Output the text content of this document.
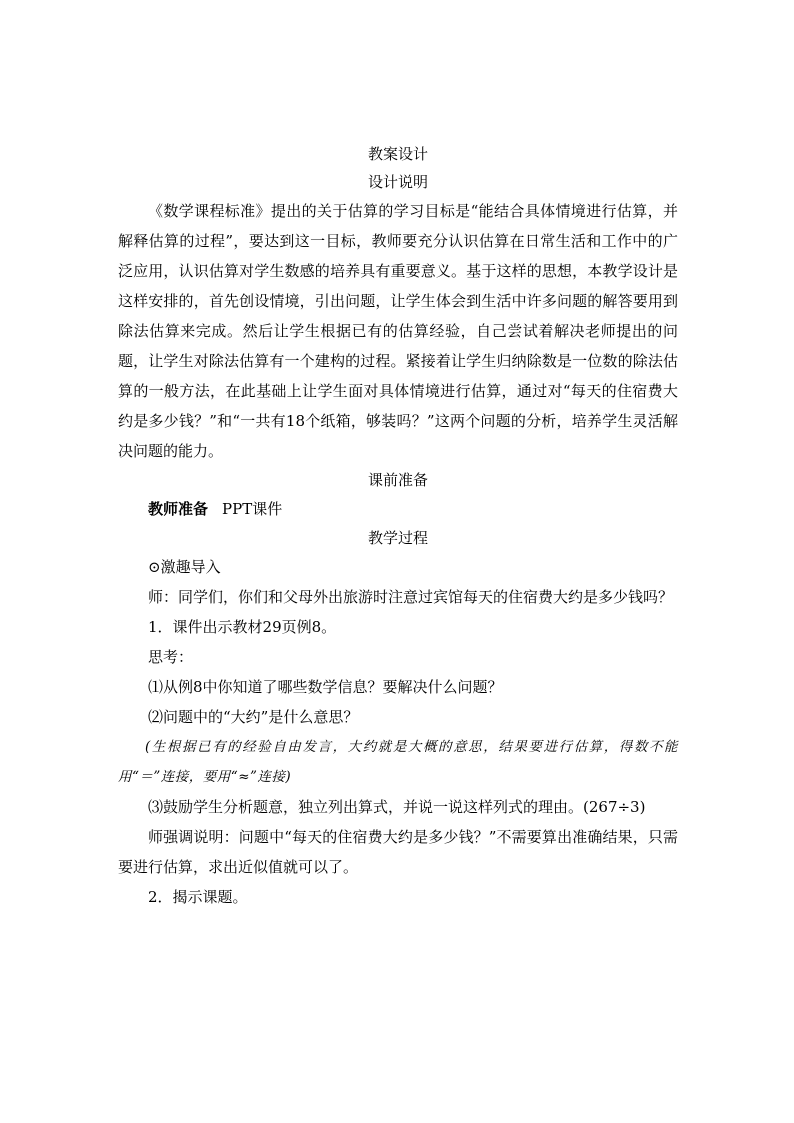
教案设计

设计说明

《数学课程标准》提出的关于估算的学习目标是“能结合具体情境进行估算，并解释估算的过程”，要达到这一目标，教师要充分认识估算在日常生活和工作中的广泛应用，认识估算对学生数感的培养具有重要意义。基于这样的思想，本教学设计是这样安排的，首先创设情境，引出问题，让学生体会到生活中许多问题的解答要用到除法估算来完成。然后让学生根据已有的估算经验，自己尝试着解决老师提出的问题，让学生对除法估算有一个建构的过程。紧接着让学生归纳除数是一位数的除法估算的一般方法，在此基础上让学生面对具体情境进行估算，通过对“每天的住宿费大约是多少钱？”和“一共有18个纸箱，够装吗？”这两个问题的分析，培养学生灵活解决问题的能力。

课前准备

教师准备 PPT课件

教学过程

⊙激趣导入

师：同学们，你们和父母外出旅游时注意过宾馆每天的住宿费大约是多少钱吗？

1．课件出示教材29页例8。

思考：

⑴从例8中你知道了哪些数学信息？要解决什么问题？

⑵问题中的“大约”是什么意思？

(生根据已有的经验自由发言，大约就是大概的意思，结果要进行估算，得数不能用“＝”连接，要用“≈”连接)

⑶鼓励学生分析题意，独立列出算式，并说一说这样列式的理由。(267÷3)

师强调说明：问题中“每天的住宿费大约是多少钱？”不需要算出准确结果，只需要进行估算，求出近似值就可以了。

2．揭示课题。
